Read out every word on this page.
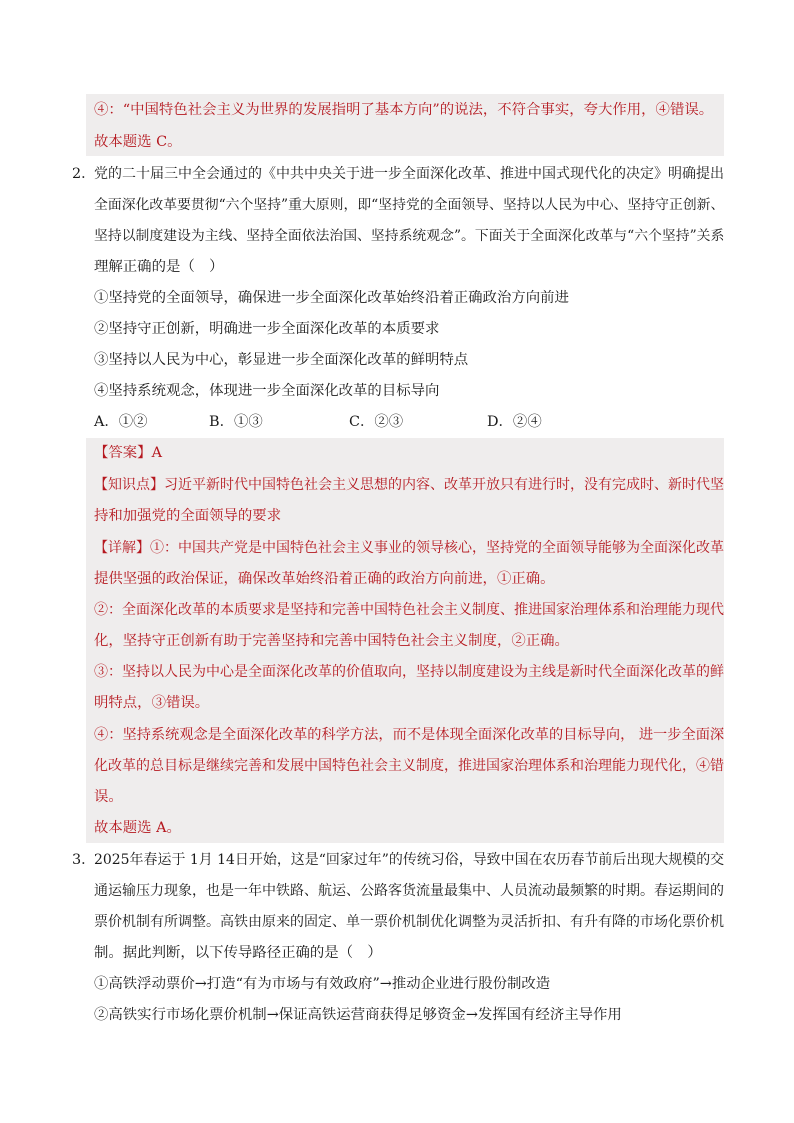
④：“中国特色社会主义为世界的发展指明了基本方向”的说法，不符合事实，夸大作用，④错误。
故本题选 C。
2．
党的二十届三中全会通过的《中共中央关于进一步全面深化改革、推进中国式现代化的决定》明确提出
全面深化改革要贯彻“六个坚持”重大原则，即“坚持党的全面领导、坚持以人民为中心、坚持守正创新、
坚持以制度建设为主线、坚持全面依法治国、坚持系统观念”。下面关于全面深化改革与“六个坚持”关系
理解正确的是（　）
①坚持党的全面领导，确保进一步全面深化改革始终沿着正确政治方向前进
②坚持守正创新，明确进一步全面深化改革的本质要求
③坚持以人民为中心，彰显进一步全面深化改革的鲜明特点
④坚持系统观念，体现进一步全面深化改革的目标导向
A．①②	B．①③	C．②③	D．②④
【答案】A
【知识点】习近平新时代中国特色社会主义思想的内容、改革开放只有进行时，没有完成时、新时代坚
持和加强党的全面领导的要求
【详解】①：中国共产党是中国特色社会主义事业的领导核心，坚持党的全面领导能够为全面深化改革
提供坚强的政治保证，确保改革始终沿着正确的政治方向前进，①正确。
②：全面深化改革的本质要求是坚持和完善中国特色社会主义制度、推进国家治理体系和治理能力现代
化，坚持守正创新有助于完善坚持和完善中国特色社会主义制度，②正确。
③：坚持以人民为中心是全面深化改革的价值取向，坚持以制度建设为主线是新时代全面深化改革的鲜
明特点，③错误。
④：坚持系统观念是全面深化改革的科学方法，而不是体现全面深化改革的目标导向， 进一步全面深
化改革的总目标是继续完善和发展中国特色社会主义制度，推进国家治理体系和治理能力现代化，④错
误。
故本题选 A。
3．
2025年春运于 1月 14日开始，这是“回家过年”的传统习俗，导致中国在农历春节前后出现大规模的交
通运输压力现象，也是一年中铁路、航运、公路客货流量最集中、人员流动最频繁的时期。春运期间的
票价机制有所调整。高铁由原来的固定、单一票价机制优化调整为灵活折扣、有升有降的市场化票价机
制。据此判断，以下传导路径正确的是（　）
①高铁浮动票价→打造“有为市场与有效政府”→推动企业进行股份制改造
②高铁实行市场化票价机制→保证高铁运营商获得足够资金→发挥国有经济主导作用
